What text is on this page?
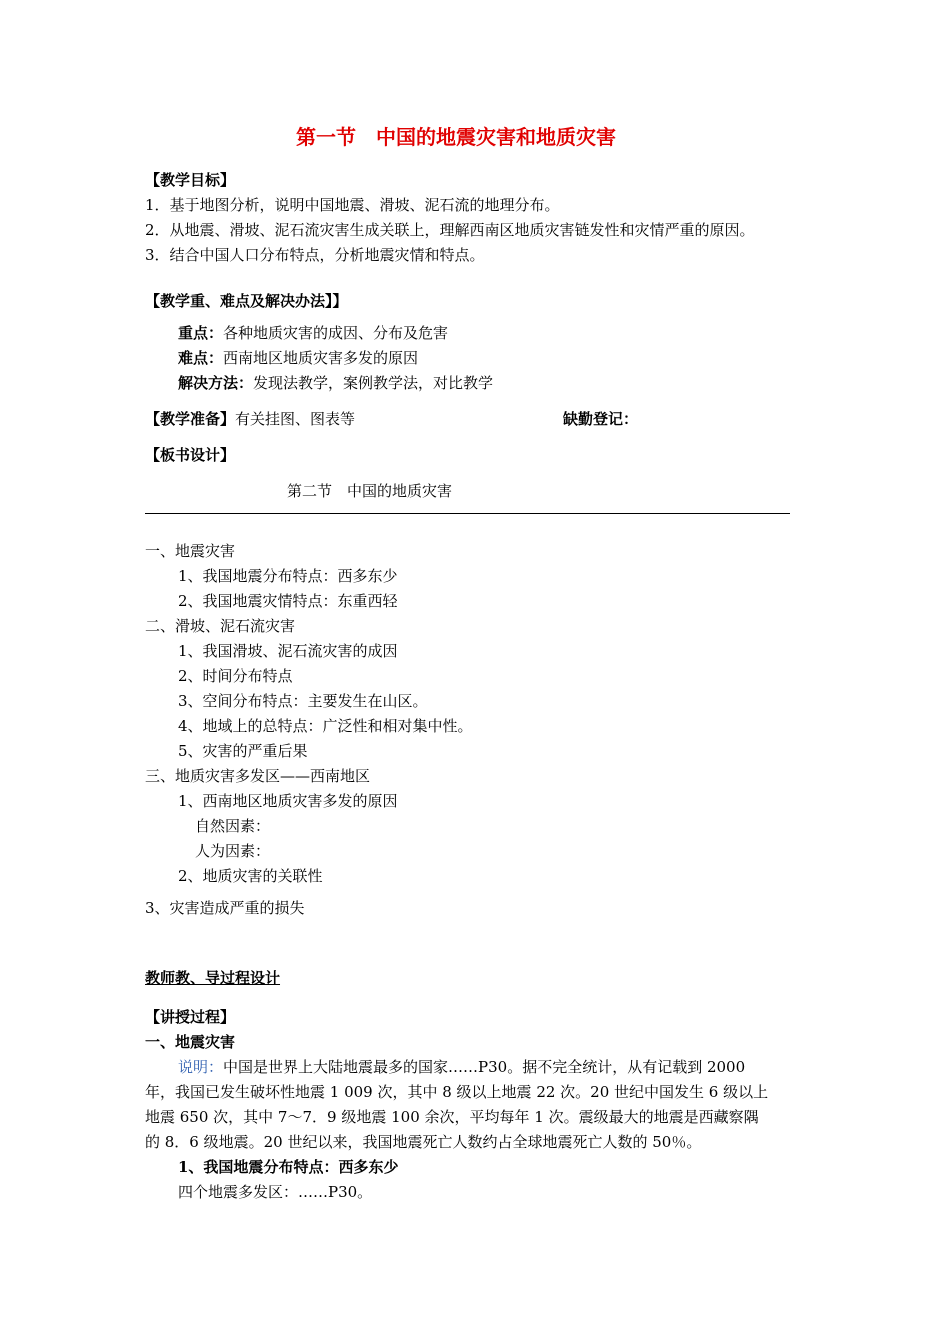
第一节　中国的地震灾害和地质灾害
【教学目标】
1．基于地图分析，说明中国地震、滑坡、泥石流的地理分布。
2．从地震、滑坡、泥石流灾害生成关联上，理解西南区地质灾害链发性和灾情严重的原因。
3．结合中国人口分布特点，分析地震灾情和特点。
【教学重、难点及解决办法】】
重点：各种地质灾害的成因、分布及危害
难点：西南地区地质灾害多发的原因
解决方法：发现法教学，案例教学法，对比教学
【教学准备】有关挂图、图表等	缺勤登记：
【板书设计】
第二节　中国的地质灾害
一、地震灾害
1、我国地震分布特点：西多东少
2、我国地震灾情特点：东重西轻
二、滑坡、泥石流灾害
1、我国滑坡、泥石流灾害的成因
2、时间分布特点
3、空间分布特点：主要发生在山区。
4、地域上的总特点：广泛性和相对集中性。
5、灾害的严重后果
三、地质灾害多发区——西南地区
1、西南地区地质灾害多发的原因
自然因素：
人为因素：
2、地质灾害的关联性
3、灾害造成严重的损失
教师教、导过程设计
【讲授过程】
一、地震灾害
说明：中国是世界上大陆地震最多的国家……P30。据不完全统计，从有记载到 2000
年，我国已发生破坏性地震 1 009 次，其中 8 级以上地震 22 次。20 世纪中国发生 6 级以上
地震 650 次，其中 7～7．9 级地震 100 余次，平均每年 1 次。震级最大的地震是西藏察隅
的 8．6 级地震。20 世纪以来，我国地震死亡人数约占全球地震死亡人数的 50％。
1、我国地震分布特点：西多东少
四个地震多发区：……P30。
